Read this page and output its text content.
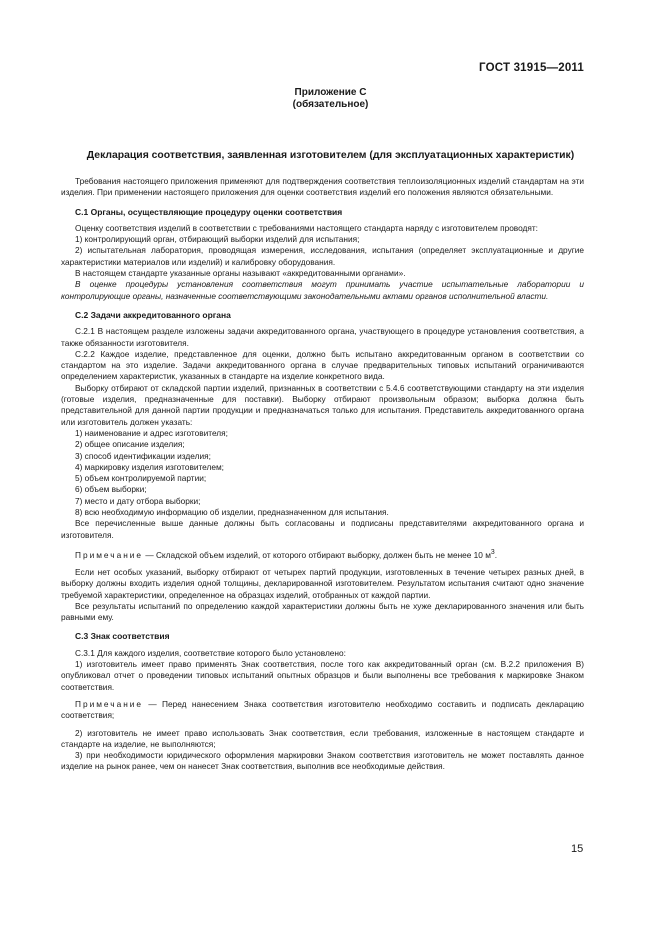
ГОСТ 31915—2011
Приложение С
(обязательное)
Декларация соответствия, заявленная изготовителем (для эксплуатационных характеристик)

Требования настоящего приложения применяют для подтверждения соответствия теплоизоляционных изделий стандартам на эти изделия. При применении настоящего приложения для оценки соответствия изделий его положения являются обязательными.

С.1 Органы, осуществляющие процедуру оценки соответствия

Оценку соответствия изделий в соответствии с требованиями настоящего стандарта наряду с изготовителем проводят:

1) контролирующий орган, отбирающий выборки изделий для испытания;

2) испытательная лаборатория, проводящая измерения, исследования, испытания (определяет эксплуатационные и другие характеристики материалов или изделий) и калибровку оборудования.

В настоящем стандарте указанные органы называют «аккредитованными органами».

В оценке процедуры установления соответствия могут принимать участие испытательные лаборатории и контролирующие органы, назначенные соответствующими законодательными актами органов исполнительной власти.

С.2 Задачи аккредитованного органа

С.2.1 В настоящем разделе изложены задачи аккредитованного органа, участвующего в процедуре установления соответствия, а также обязанности изготовителя.

С.2.2 Каждое изделие, представленное для оценки, должно быть испытано аккредитованным органом в соответствии со стандартом на это изделие. Задачи аккредитованного органа в случае предварительных типовых испытаний ограничиваются определением характеристик, указанных в стандарте на изделие конкретного вида.

Выборку отбирают от складской партии изделий, признанных в соответствии с 5.4.6 соответствующими стандарту на эти изделия (готовые изделия, предназначенные для поставки). Выборку отбирают произвольным образом; выборка должна быть представительной для данной партии продукции и предназначаться только для испытания. Представитель аккредитованного органа или изготовитель должен указать:

1) наименование и адрес изготовителя;

2) общее описание изделия;

3) способ идентификации изделия;

4) маркировку изделия изготовителем;

5) объем контролируемой партии;

6) объем выборки;

7) место и дату отбора выборки;

8) всю необходимую информацию об изделии, предназначенном для испытания.

Все перечисленные выше данные должны быть согласованы и подписаны представителями аккредитованного органа и изготовителя.

Примечание — Складской объем изделий, от которого отбирают выборку, должен быть не менее 10 $м^3$.

Если нет особых указаний, выборку отбирают от четырех партий продукции, изготовленных в течение четырех разных дней, в выборку должны входить изделия одной толщины, декларированной изготовителем. Результатом испытания считают одно значение требуемой характеристики, определенное на образцах изделий, отобранных от каждой партии.

Все результаты испытаний по определению каждой характеристики должны быть не хуже декларированного значения или быть равными ему.

С.3 Знак соответствия

С.3.1 Для каждого изделия, соответствие которого было установлено:

1) изготовитель имеет право применять Знак соответствия, после того как аккредитованный орган (см. В.2.2 приложения В) опубликовал отчет о проведении типовых испытаний опытных образцов и были выполнены все требования к маркировке Знаком соответствия.

Примечание — Перед нанесением Знака соответствия изготовителю необходимо составить и подписать декларацию соответствия;

2) изготовитель не имеет право использовать Знак соответствия, если требования, изложенные в настоящем стандарте и стандарте на изделие, не выполняются;

3) при необходимости юридического оформления маркировки Знаком соответствия изготовитель не может поставлять данное изделие на рынок ранее, чем он нанесет Знак соответствия, выполнив все необходимые действия.

15
